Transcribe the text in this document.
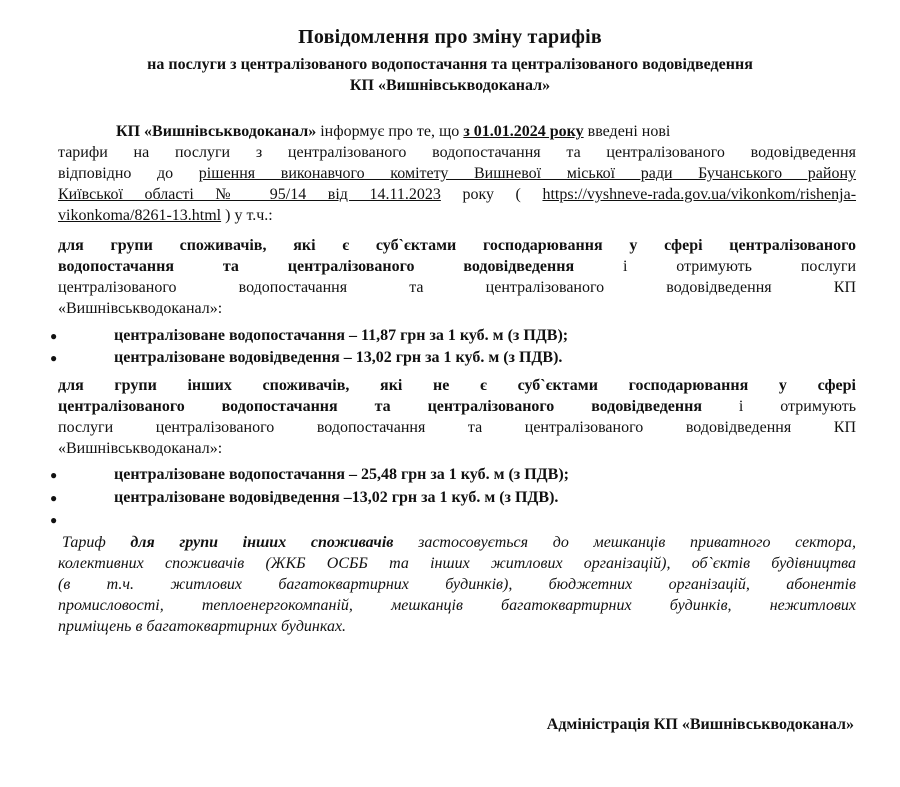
Повідомлення про зміну тарифів
на послуги з централізованого водопостачання та централізованого водовідведення
КП «Вишнівськводоканал»
КП «Вишнівськводоканал» інформує про те, що з 01.01.2024 року введені нові
тарифи на послуги з централізованого водопостачання та централізованого водовідведення
відповідно до рішення виконавчого комітету Вишневої міської ради Бучанського району
Київської області № 95/14 від 14.11.2023 року ( https://vyshneve-rada.gov.ua/vikonkom/rishenja-
vikonkoma/8261-13.html ) у т.ч.:
для групи споживачів, які є суб`єктами господарювання у сфері централізованого
водопостачання та централізованого водовідведення і отримують послуги
централізованого водопостачання та централізованого водовідведення КП
«Вишнівськводоканал»:
●	централізоване водопостачання – 11,87 грн за 1 куб. м (з ПДВ);
●	централізоване водовідведення – 13,02 грн за 1 куб. м (з ПДВ).
для групи інших споживачів, які не є суб`єктами господарювання у сфері
централізованого водопостачання та централізованого водовідведення і отримують
послуги централізованого водопостачання та централізованого водовідведення КП
«Вишнівськводоканал»:
●	централізоване водопостачання – 25,48 грн за 1 куб. м (з ПДВ);
●	централізоване водовідведення –13,02 грн за 1 куб. м (з ПДВ).
●
Тариф для групи інших споживачів застосовується до мешканців приватного сектора,
колективних споживачів (ЖКБ ОСББ та інших житлових організацій), об`єктів будівництва
(в т.ч. житлових багатоквартирних будинків), бюджетних організацій, абонентів
промисловості, теплоенергокомпаній, мешканців багатоквартирних будинків, нежитлових
приміщень в багатоквартирних будинках.
Адміністрація КП «Вишнівськводоканал»
